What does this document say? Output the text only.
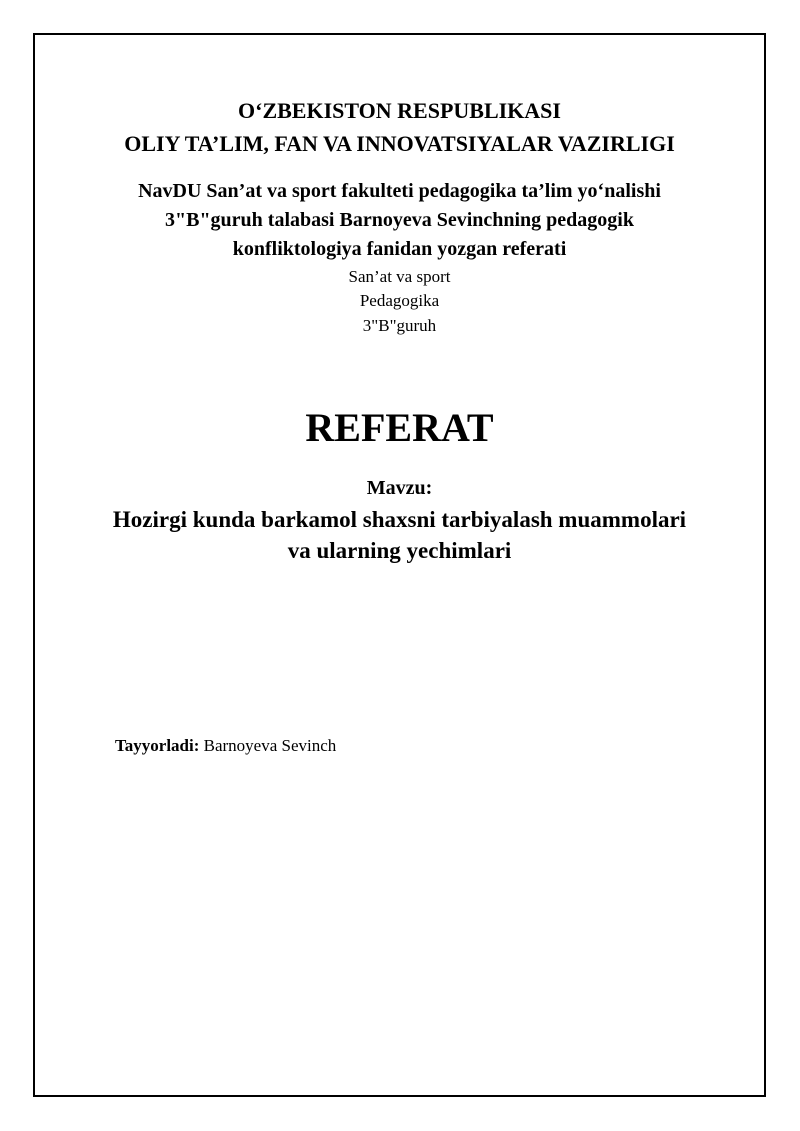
O‘ZBEKISTON RESPUBLIKASI
OLIY TA’LIM, FAN VA INNOVATSIYALAR VAZIRLIGI
NavDU San’at va sport fakulteti pedagogika ta’lim yo‘nalishi
3"B"guruh talabasi Barnoyeva Sevinchning pedagogik
konfliktologiya fanidan yozgan referati
San’at va sport
Pedagogika
3"B"guruh
REFERAT
Mavzu:
Hozirgi kunda barkamol shaxsni tarbiyalash muammolari
va ularning yechimlari
Tayyorladi: Barnoyeva Sevinch
